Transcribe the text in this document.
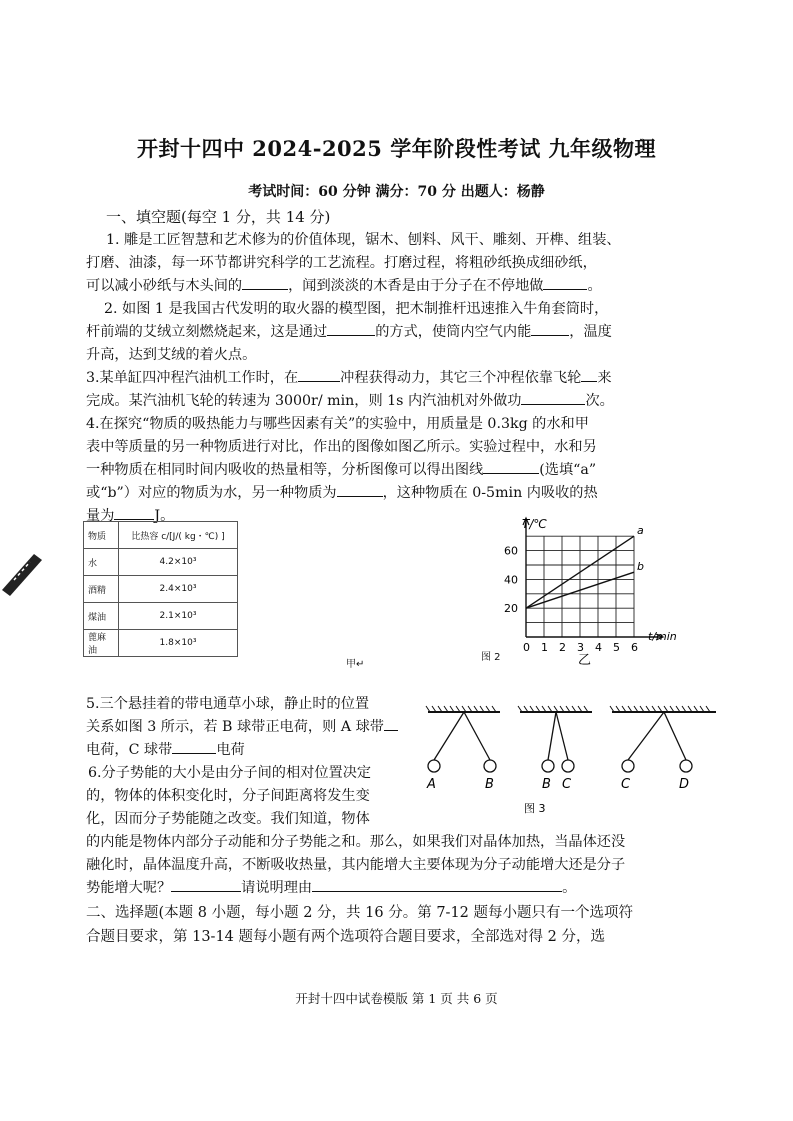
开封十四中 2024-2025 学年阶段性考试 九年级物理
考试时间：60 分钟 满分：70 分 出题人：杨静
一、填空题(每空 1 分，共 14 分)
1. 雕是工匠智慧和艺术修为的价值体现，锯木、刨料、风干、雕刻、开榫、组装、
打磨、油漆，每一环节都讲究科学的工艺流程。打磨过程，将粗砂纸换成细砂纸，
可以减小砂纸与木头间的	，闻到淡淡的木香是由于分子在不停地做	。
2. 如图 1 是我国古代发明的取火器的模型图，把木制推杆迅速推入牛角套筒时，
杆前端的艾绒立刻燃烧起来，这是通过	的方式，使筒内空气内能	，温度
升高，达到艾绒的着火点。
3.某单缸四冲程汽油机工作时，在	冲程获得动力，其它三个冲程依靠飞轮 来
完成。某汽油机飞轮的转速为 3000r/ min，则 1s 内汽油机对外做功	次。
4.在探究“物质的吸热能力与哪些因素有关”的实验中，用质量是 0.3kg 的水和甲
表中等质量的另一种物质进行对比，作出的图像如图乙所示。实验过程中，水和另
一种物质在相同时间内吸收的热量相等，分析图像可以得出图线	(选填“a”
或“b”）对应的物质为水，另一种物质为	，这种物质在 0-5min 内吸收的热
量为	J。
物质	比热容 c/[J/( kg・℃) ]
水	4.2×10³
酒精	2.4×10³
煤油	2.1×10³
蓖麻油	1.8×10³
甲↵
图 2
0 1 2 3 4 5 6
20
40
60
a
b
T/℃
t/min
乙
5.三个悬挂着的带电通草小球，静止时的位置
关系如图 3 所示，若 B 球带正电荷，则 A 球带
电荷，C 球带	电荷
A	B	B C	C	D
图 3
6.分子势能的大小是由分子间的相对位置决定
的，物体的体积变化时，分子间距离将发生变
化，因而分子势能随之改变。我们知道，物体
的内能是物体内部分子动能和分子势能之和。那么，如果我们对晶体加热，当晶体还没
融化时，晶体温度升高，不断吸收热量，其内能增大主要体现为分子动能增大还是分子
势能增大呢？	请说明理由	。
二、选择题(本题 8 小题，每小题 2 分，共 16 分。第 7-12 题每小题只有一个选项符
合题目要求，第 13-14 题每小题有两个选项符合题目要求，全部选对得 2 分，选
开封十四中试卷模版 第 1 页 共 6 页
